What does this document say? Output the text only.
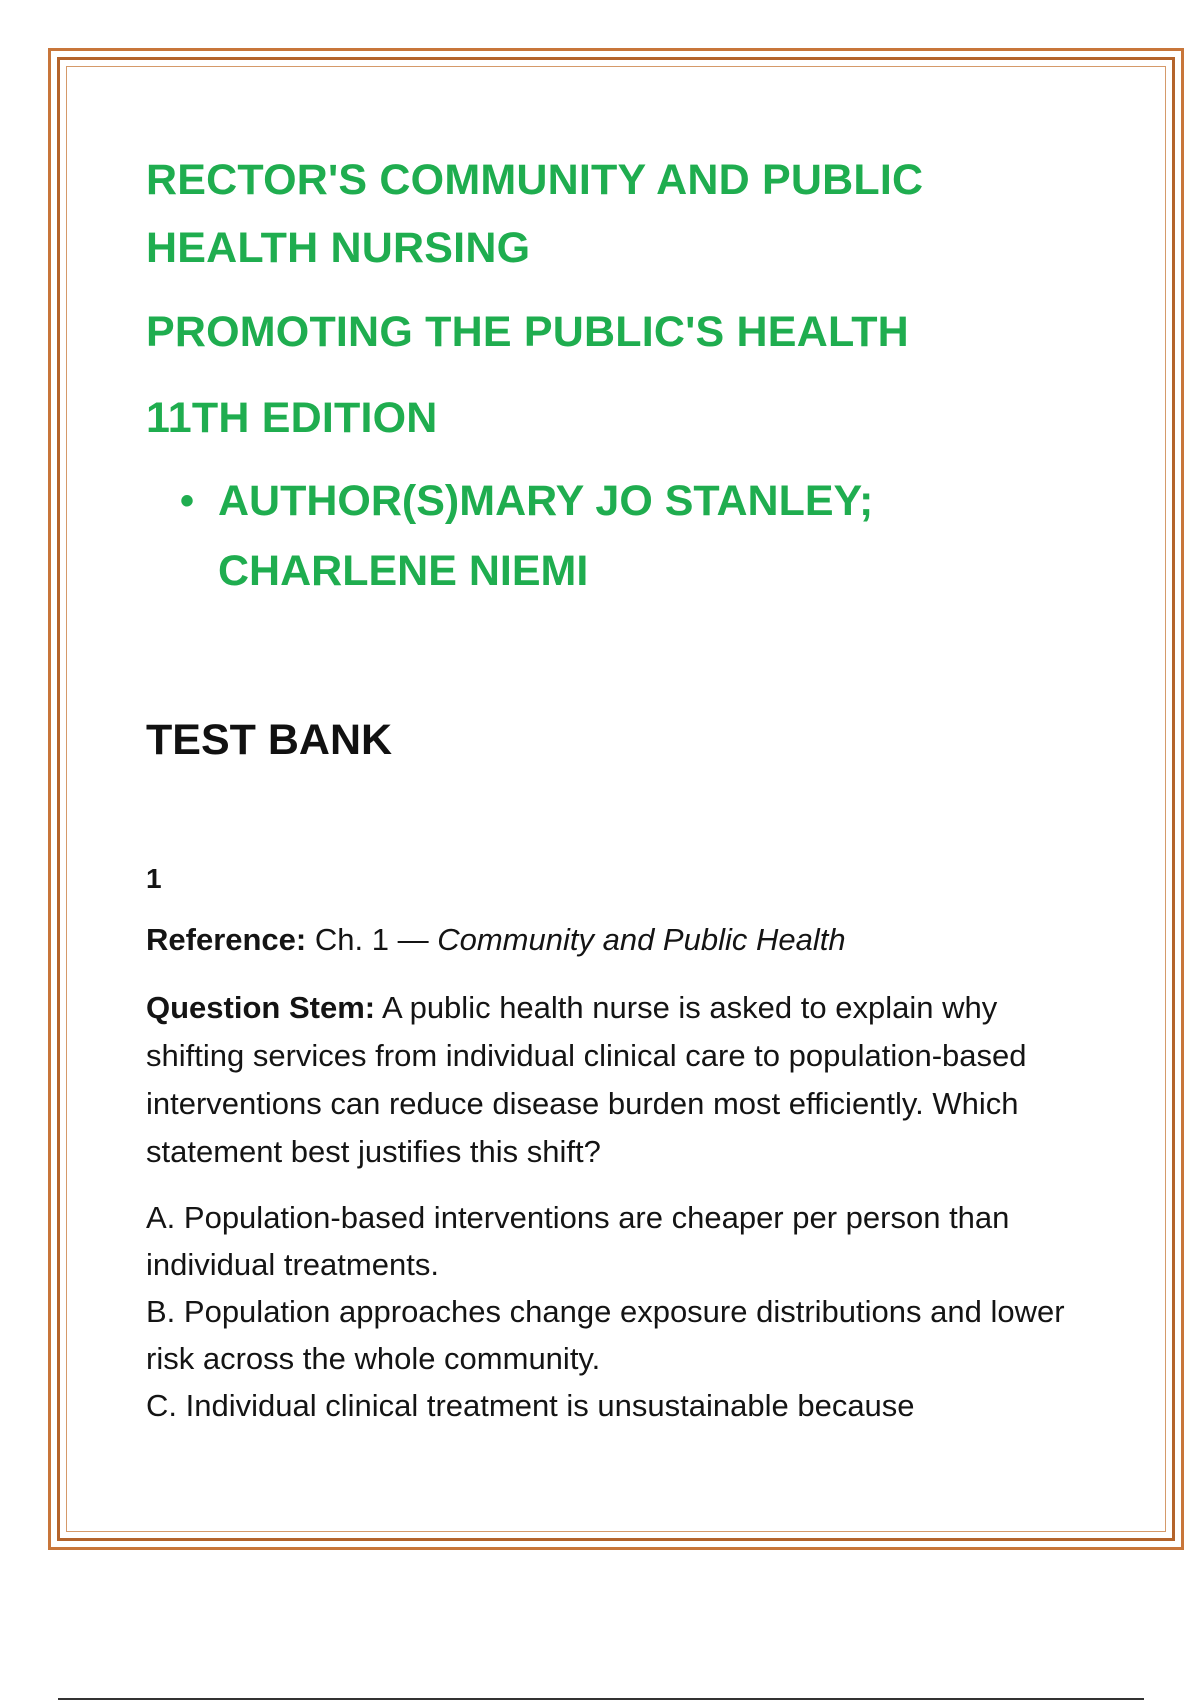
RECTOR'S COMMUNITY AND PUBLIC
HEALTH NURSING
PROMOTING THE PUBLIC'S HEALTH
11TH EDITION
• AUTHOR(S)MARY JO STANLEY;
CHARLENE NIEMI
TEST BANK
1
Reference: Ch. 1 — Community and Public Health
Question Stem: A public health nurse is asked to explain why shifting services from individual clinical care to population-based interventions can reduce disease burden most efficiently. Which statement best justifies this shift?
A. Population-based interventions are cheaper per person than individual treatments.
B. Population approaches change exposure distributions and lower risk across the whole community.
C. Individual clinical treatment is unsustainable because
